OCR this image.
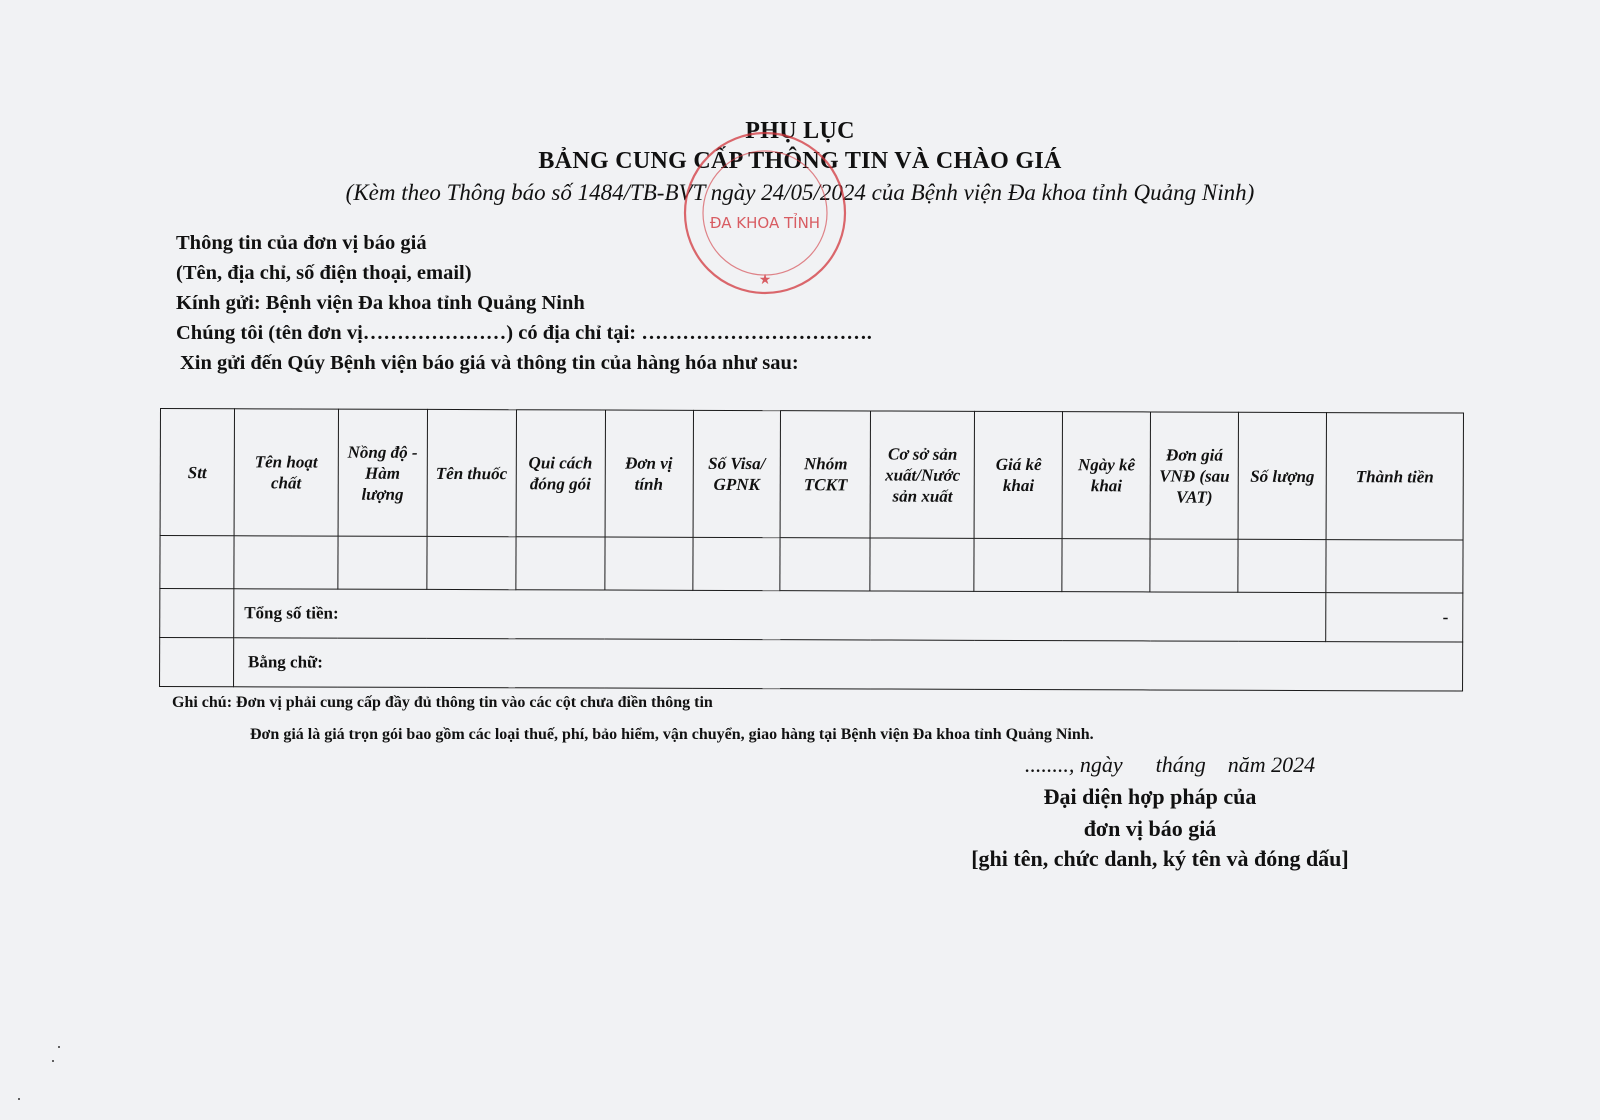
PHỤ LỤC
BẢNG CUNG CẤP THÔNG TIN VÀ CHÀO GIÁ
(Kèm theo Thông báo số 1484/TB-BVT ngày 24/05/2024 của Bệnh viện Đa khoa tỉnh Quảng Ninh)
ĐA KHOA TỈNH
★
Thông tin của đơn vị báo giá
(Tên, địa chỉ, số điện thoại, email)
Kính gửi: Bệnh viện Đa khoa tỉnh Quảng Ninh
Chúng tôi (tên đơn vị…………………) có địa chỉ tại: …………………………….
Xin gửi đến Qúy Bệnh viện báo giá và thông tin của hàng hóa như sau:
Stt	Tên hoạt chất	Nồng độ - Hàm lượng	Tên thuốc	Qui cách đóng gói	Đơn vị tính	Số Visa/ GPNK	Nhóm TCKT	Cơ sở sản xuất/Nước sản xuất	Giá kê khai	Ngày kê khai	Đơn giá VNĐ (sau VAT)	Số lượng	Thành tiền

	Tổng số tiền:												-
	Bằng chữ:												
Ghi chú: Đơn vị phải cung cấp đầy đủ thông tin vào các cột chưa điền thông tin
Đơn giá là giá trọn gói bao gồm các loại thuế, phí, bảo hiểm, vận chuyển, giao hàng tại Bệnh viện Đa khoa tỉnh Quảng Ninh.
........, ngày      tháng    năm 2024
Đại diện hợp pháp của
đơn vị báo giá
[ghi tên, chức danh, ký tên và đóng dấu]
